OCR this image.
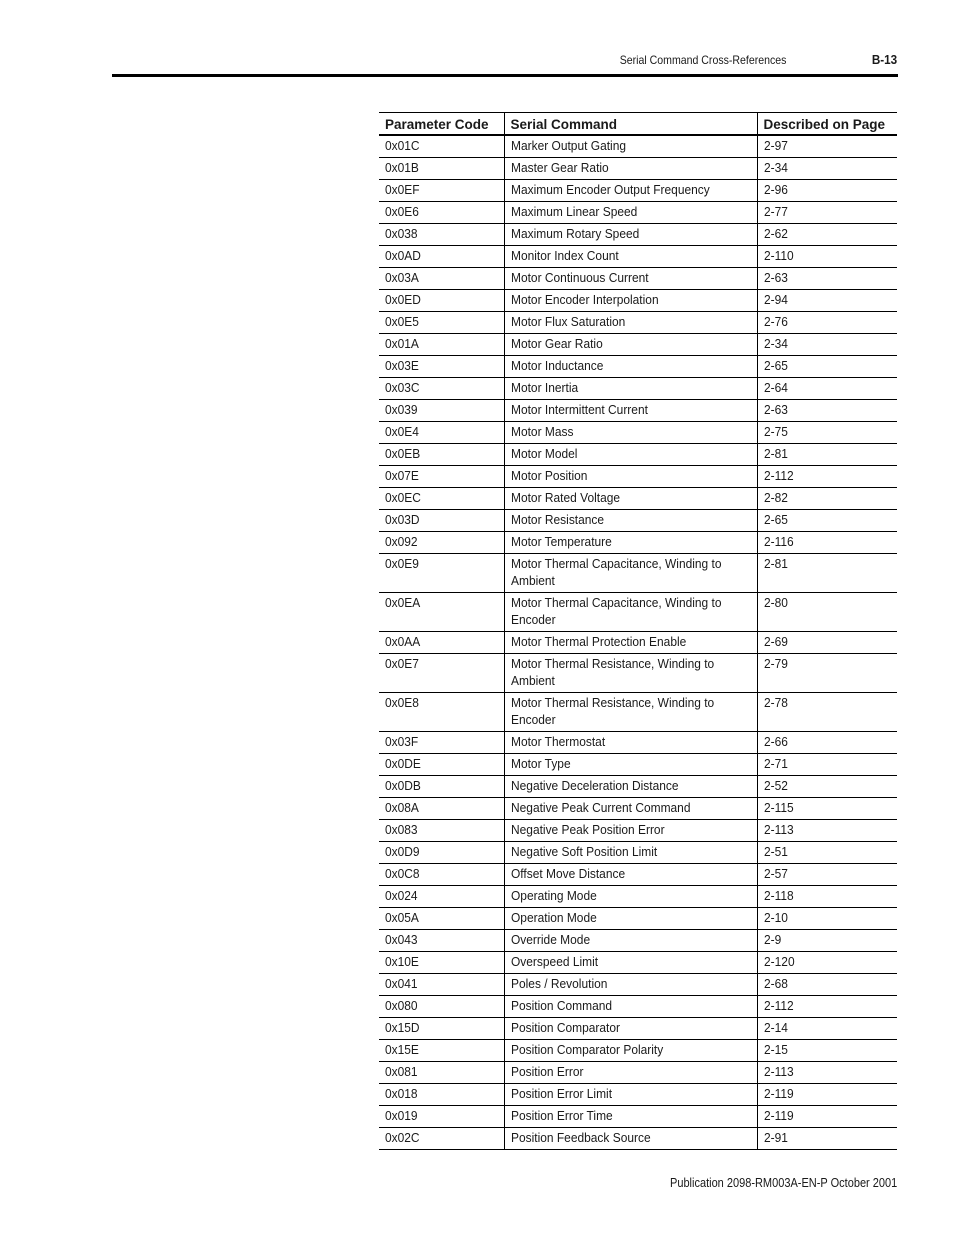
Serial Command Cross-References	B-13
Parameter Code	Serial Command	Described on Page
0x01C	Marker Output Gating	2-97
0x01B	Master Gear Ratio	2-34
0x0EF	Maximum Encoder Output Frequency	2-96
0x0E6	Maximum Linear Speed	2-77
0x038	Maximum Rotary Speed	2-62
0x0AD	Monitor Index Count	2-110
0x03A	Motor Continuous Current	2-63
0x0ED	Motor Encoder Interpolation	2-94
0x0E5	Motor Flux Saturation	2-76
0x01A	Motor Gear Ratio	2-34
0x03E	Motor Inductance	2-65
0x03C	Motor Inertia	2-64
0x039	Motor Intermittent Current	2-63
0x0E4	Motor Mass	2-75
0x0EB	Motor Model	2-81
0x07E	Motor Position	2-112
0x0EC	Motor Rated Voltage	2-82
0x03D	Motor Resistance	2-65
0x092	Motor Temperature	2-116
0x0E9	Motor Thermal Capacitance, Winding to Ambient	2-81
0x0EA	Motor Thermal Capacitance, Winding to Encoder	2-80
0x0AA	Motor Thermal Protection Enable	2-69
0x0E7	Motor Thermal Resistance, Winding to Ambient	2-79
0x0E8	Motor Thermal Resistance, Winding to Encoder	2-78
0x03F	Motor Thermostat	2-66
0x0DE	Motor Type	2-71
0x0DB	Negative Deceleration Distance	2-52
0x08A	Negative Peak Current Command	2-115
0x083	Negative Peak Position Error	2-113
0x0D9	Negative Soft Position Limit	2-51
0x0C8	Offset Move Distance	2-57
0x024	Operating Mode	2-118
0x05A	Operation Mode	2-10
0x043	Override Mode	2-9
0x10E	Overspeed Limit	2-120
0x041	Poles / Revolution	2-68
0x080	Position Command	2-112
0x15D	Position Comparator	2-14
0x15E	Position Comparator Polarity	2-15
0x081	Position Error	2-113
0x018	Position Error Limit	2-119
0x019	Position Error Time	2-119
0x02C	Position Feedback Source	2-91
Publication 2098-RM003A-EN-P October 2001
